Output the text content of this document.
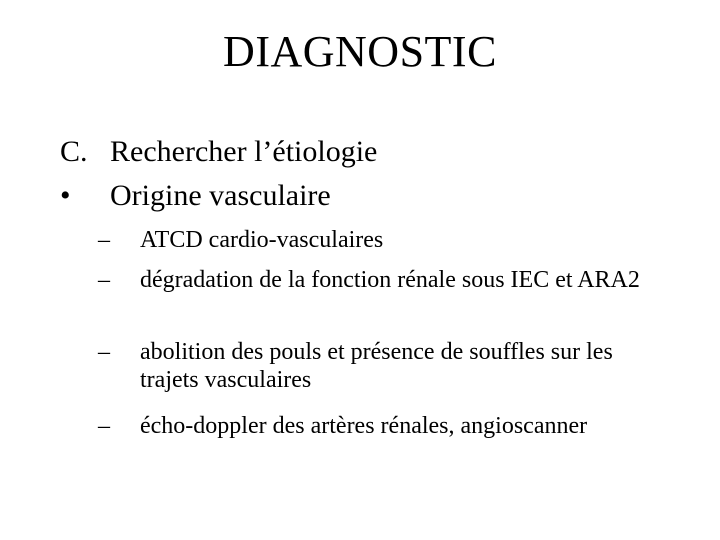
DIAGNOSTIC
C. Rechercher l’étiologie
• Origine vasculaire
– ATCD cardio-vasculaires
– dégradation de la fonction rénale sous IEC et ARA2
– abolition des pouls et présence de souffles sur les trajets vasculaires
– écho-doppler des artères rénales, angioscanner
